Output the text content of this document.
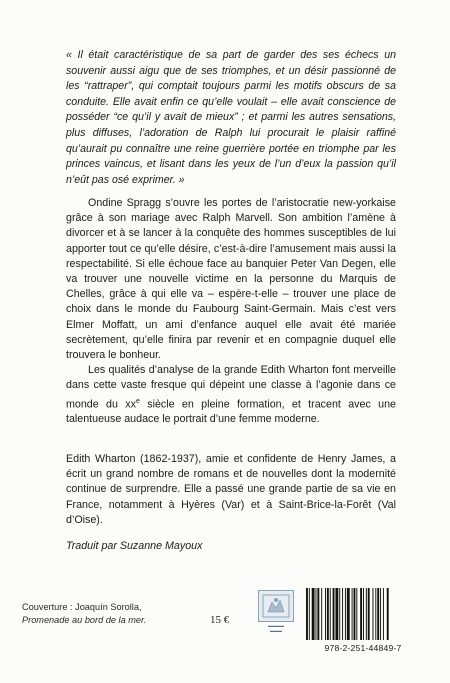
« Il était caractéristique de sa part de garder des ses échecs un souvenir aussi aigu que de ses triomphes, et un désir passionné de les “rattraper”, qui comptait toujours parmi les motifs obscurs de sa conduite. Elle avait enfin ce qu’elle voulait – elle avait conscience de posséder “ce qu’il y avait de mieux” ; et parmi les autres sensations, plus diffuses, l’adoration de Ralph lui procurait le plaisir raffiné qu’aurait pu connaître une reine guerrière portée en triomphe par les princes vaincus, et lisant dans les yeux de l’un d’eux la passion qu’il n’eût pas osé exprimer. »

Ondine Spragg s’ouvre les portes de l’aristocratie new-yorkaise grâce à son mariage avec Ralph Marvell. Son ambition l’amène à divorcer et à se lancer à la conquête des hommes susceptibles de lui apporter tout ce qu’elle désire, c’est-à-dire l’amusement mais aussi la respectabilité. Si elle échoue face au banquier Peter Van Degen, elle va trouver une nouvelle victime en la personne du Marquis de Chelles, grâce à qui elle va – espère-t-elle – trouver une place de choix dans le monde du Faubourg Saint-Germain. Mais c’est vers Elmer Moffatt, un ami d’enfance auquel elle avait été mariée secrètement, qu’elle finira par revenir et en compagnie duquel elle trouvera le bonheur.

Les qualités d’analyse de la grande Edith Wharton font merveille dans cette vaste fresque qui dépeint une classe à l’agonie dans ce monde du $xx^e$ siècle en pleine formation, et tracent avec une talentueuse audace le portrait d’une femme moderne.

Edith Wharton (1862-1937), amie et confidente de Henry James, a écrit un grand nombre de romans et de nouvelles dont la modernité continue de surprendre. Elle a passé une grande partie de sa vie en France, notamment à Hyères (Var) et à Saint-Brice-la-Forêt (Val d’Oise).

Traduit par Suzanne Mayoux
Couverture : Joaquín Sorolla,
Promenade au bord de la mer.	15 €	▬▬▬▬
▬▬▬
978-2-251-44849-7
